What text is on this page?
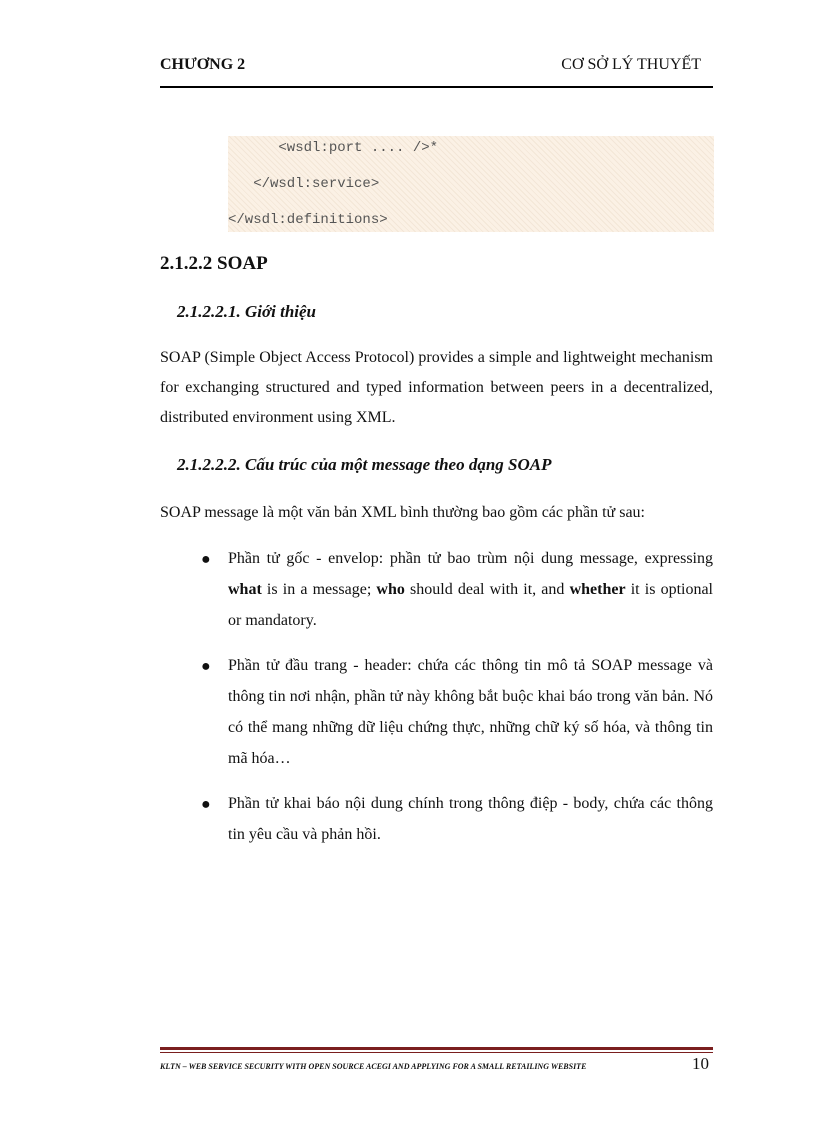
CHƯƠNG 2	CƠ SỞ LÝ THUYẾT
<wsdl:port .... />*
</wsdl:service>
</wsdl:definitions>
2.1.2.2 SOAP
2.1.2.2.1. Giới thiệu

SOAP (Simple Object Access Protocol) provides a simple and lightweight mechanism for exchanging structured and typed information between peers in a decentralized, distributed environment using XML.

2.1.2.2.2. Cấu trúc của một message theo dạng SOAP

SOAP message là một văn bản XML bình thường bao gồm các phần tử sau:

● Phần tử gốc - envelop: phần tử bao trùm nội dung message, expressing what is in a message; who should deal with it, and whether it is optional or mandatory.

● Phần tử đầu trang - header: chứa các thông tin mô tả SOAP message và thông tin nơi nhận, phần tử này không bắt buộc khai báo trong văn bản. Nó có thể mang những dữ liệu chứng thực, những chữ ký số hóa, và thông tin mã hóa…

● Phần tử khai báo nội dung chính trong thông điệp - body, chứa các thông tin yêu cầu và phản hồi.

KLTN – WEB SERVICE SECURITY WITH OPEN SOURCE ACEGI AND APPLYING FOR A SMALL RETAILING WEBSITE	10
